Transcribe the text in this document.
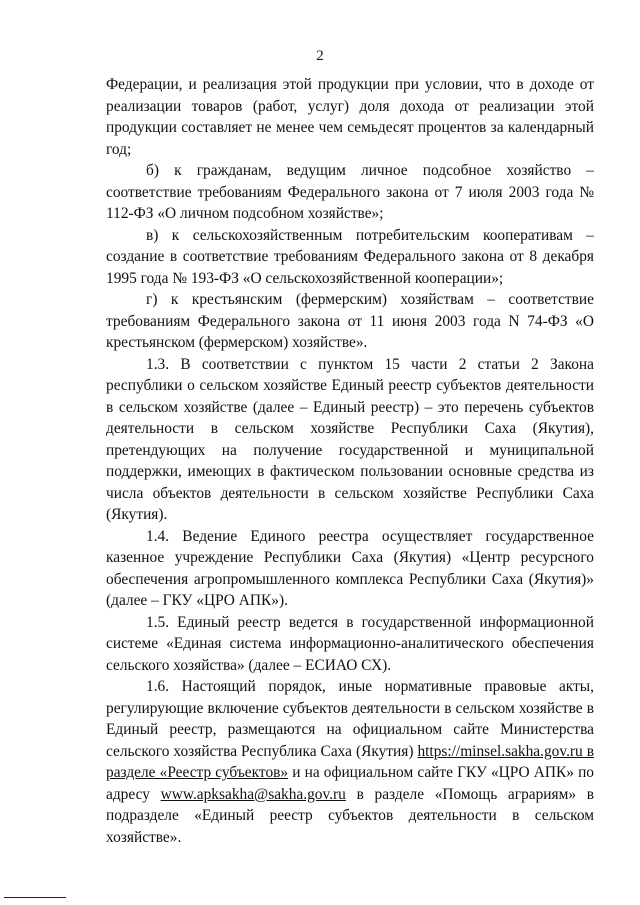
2

Федерации, и реализация этой продукции при условии, что в доходе от реализации товаров (работ, услуг) доля дохода от реализации этой продукции составляет не менее чем семьдесят процентов за календарный год;

б) к гражданам, ведущим личное подсобное хозяйство – соответствие требованиям Федерального закона от 7 июля 2003 года № 112-ФЗ «О личном подсобном хозяйстве»;

в) к сельскохозяйственным потребительским кооперативам – создание в соответствие требованиям Федерального закона от 8 декабря 1995 года № 193-ФЗ «О сельскохозяйственной кооперации»;

г) к крестьянским (фермерским) хозяйствам – соответствие требованиям Федерального закона от 11 июня 2003 года N 74-ФЗ «О крестьянском (фермерском) хозяйстве».

1.3. В соответствии с пунктом 15 части 2 статьи 2 Закона республики о сельском хозяйстве Единый реестр субъектов деятельности в сельском хозяйстве (далее – Единый реестр) – это перечень субъектов деятельности в сельском хозяйстве Республики Саха (Якутия), претендующих на получение государственной и муниципальной поддержки, имеющих в фактическом пользовании основные средства из числа объектов деятельности в сельском хозяйстве Республики Саха (Якутия).

1.4. Ведение Единого реестра осуществляет государственное казенное учреждение Республики Саха (Якутия) «Центр ресурсного обеспечения агропромышленного комплекса Республики Саха (Якутия)» (далее – ГКУ «ЦРО АПК»).

1.5. Единый реестр ведется в государственной информационной системе «Единая система информационно-аналитического обеспечения сельского хозяйства» (далее – ЕСИАО СХ).

1.6. Настоящий порядок, иные нормативные правовые акты, регулирующие включение субъектов деятельности в сельском хозяйстве в Единый реестр, размещаются на официальном сайте Министерства сельского хозяйства Республика Саха (Якутия) https://minsel.sakha.gov.ru в разделе «Реестр субъектов» и на официальном сайте ГКУ «ЦРО АПК» по адресу www.apksakha@sakha.gov.ru в разделе «Помощь аграриям» в подразделе «Единый реестр субъектов деятельности в сельском хозяйстве».
